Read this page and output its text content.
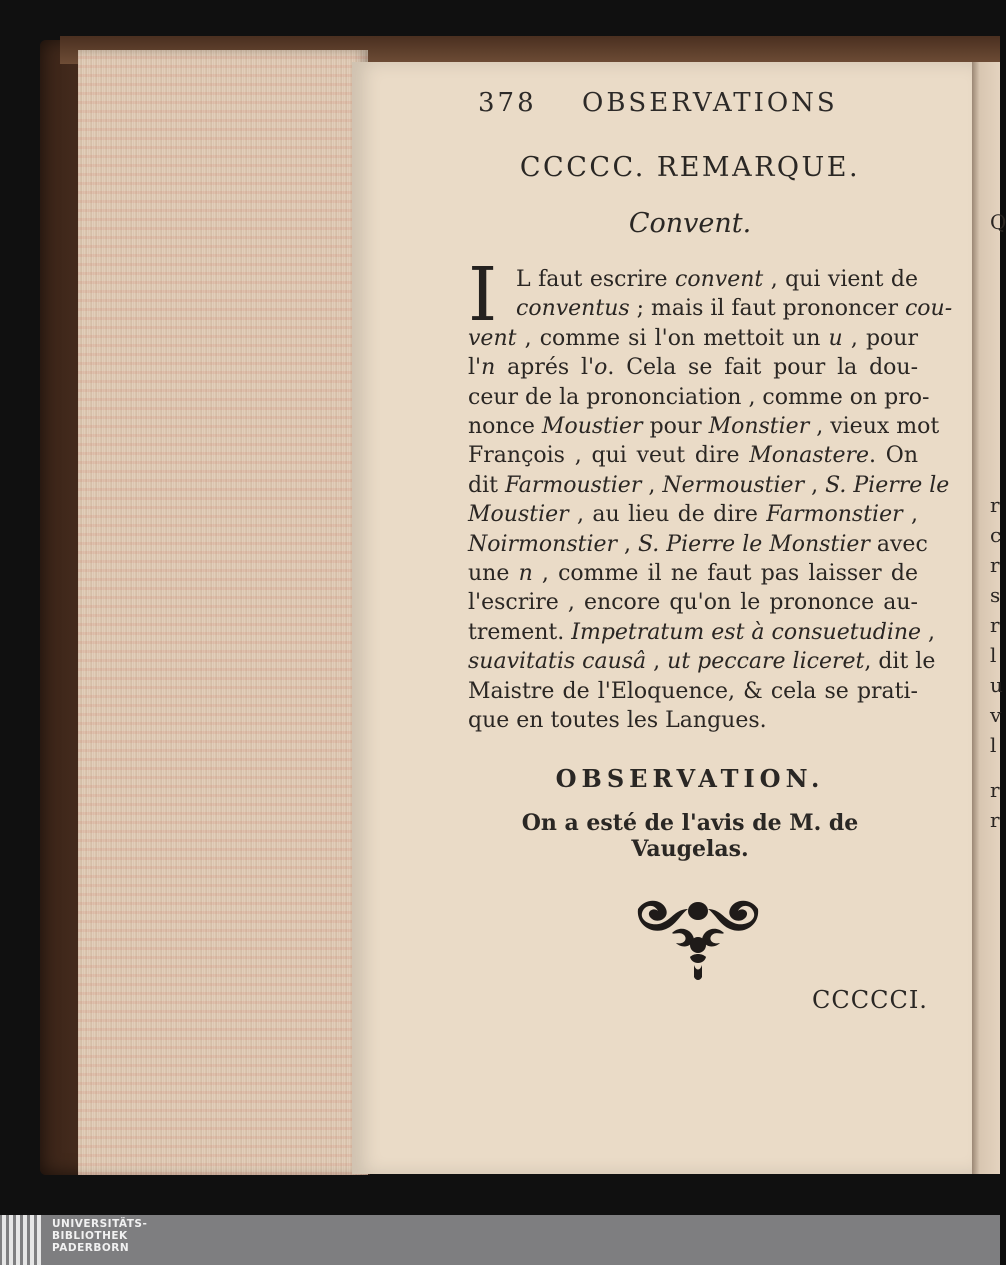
Q
r
c
r
s
r
l
u
v
l
r
r
378 OBSERVATIONS
CCCCC. REMARQUE.
Convent.
I L faut escrire convent , qui vient de
conventus ; mais il faut prononcer cou-
vent , comme si l'on mettoit un u , pour
l'n aprés l'o. Cela se fait pour la dou-
ceur de la prononciation , comme on pro-
nonce Moustier pour Monstier , vieux mot
François , qui veut dire Monastere. On
dit Farmoustier , Nermoustier , S. Pierre le
Moustier , au lieu de dire Farmonstier ,
Noirmonstier , S. Pierre le Monstier avec
une n , comme il ne faut pas laisser de
l'escrire , encore qu'on le prononce au-
trement. Impetratum est à consuetudine
suavitatis causâ , ut peccare liceret, dit le
Maistre de l'Eloquence, & cela se prati-
que en toutes les Langues.
OBSERVATION.
On a esté de l'avis de M. de Vaugelas.
CCCCCI.
UNIVERSITÄTS-
BIBLIOTHEK
PADERBORN
